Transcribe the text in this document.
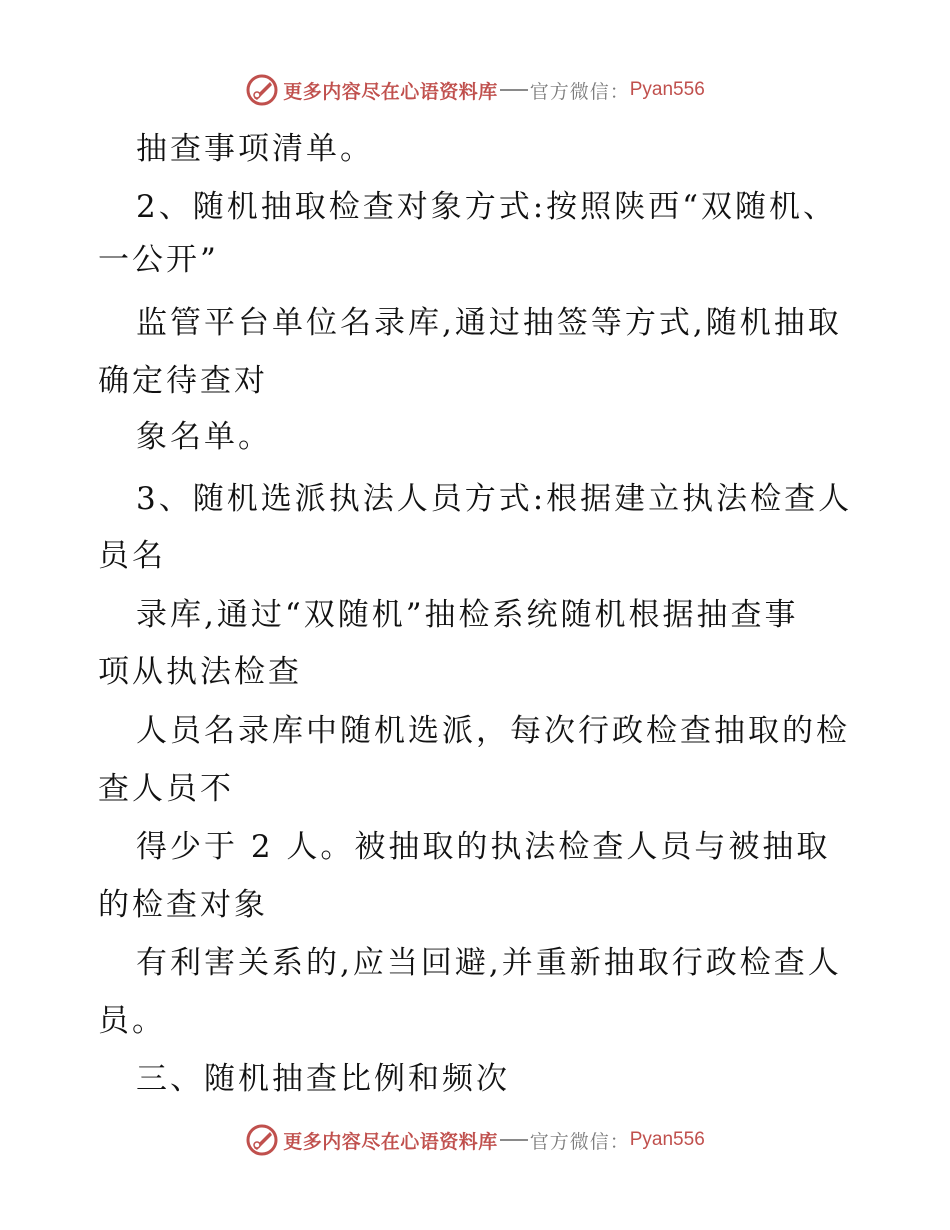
更多内容尽在心语资料库 官方微信： Pyan556
抽查事项清单。
2、随机抽取检查对象方式:按照陕西“双随机、
一公开”
监管平台单位名录库,通过抽签等方式,随机抽取
确定待查对
象名单。
3、随机选派执法人员方式:根据建立执法检查人
员名
录库,通过“双随机”抽检系统随机根据抽查事
项从执法检查
人员名录库中随机选派，每次行政检查抽取的检
查人员不
得少于 2 人。被抽取的执法检查人员与被抽取
的检查对象
有利害关系的,应当回避,并重新抽取行政检查人
员。
三、随机抽查比例和频次
更多内容尽在心语资料库 官方微信： Pyan556
